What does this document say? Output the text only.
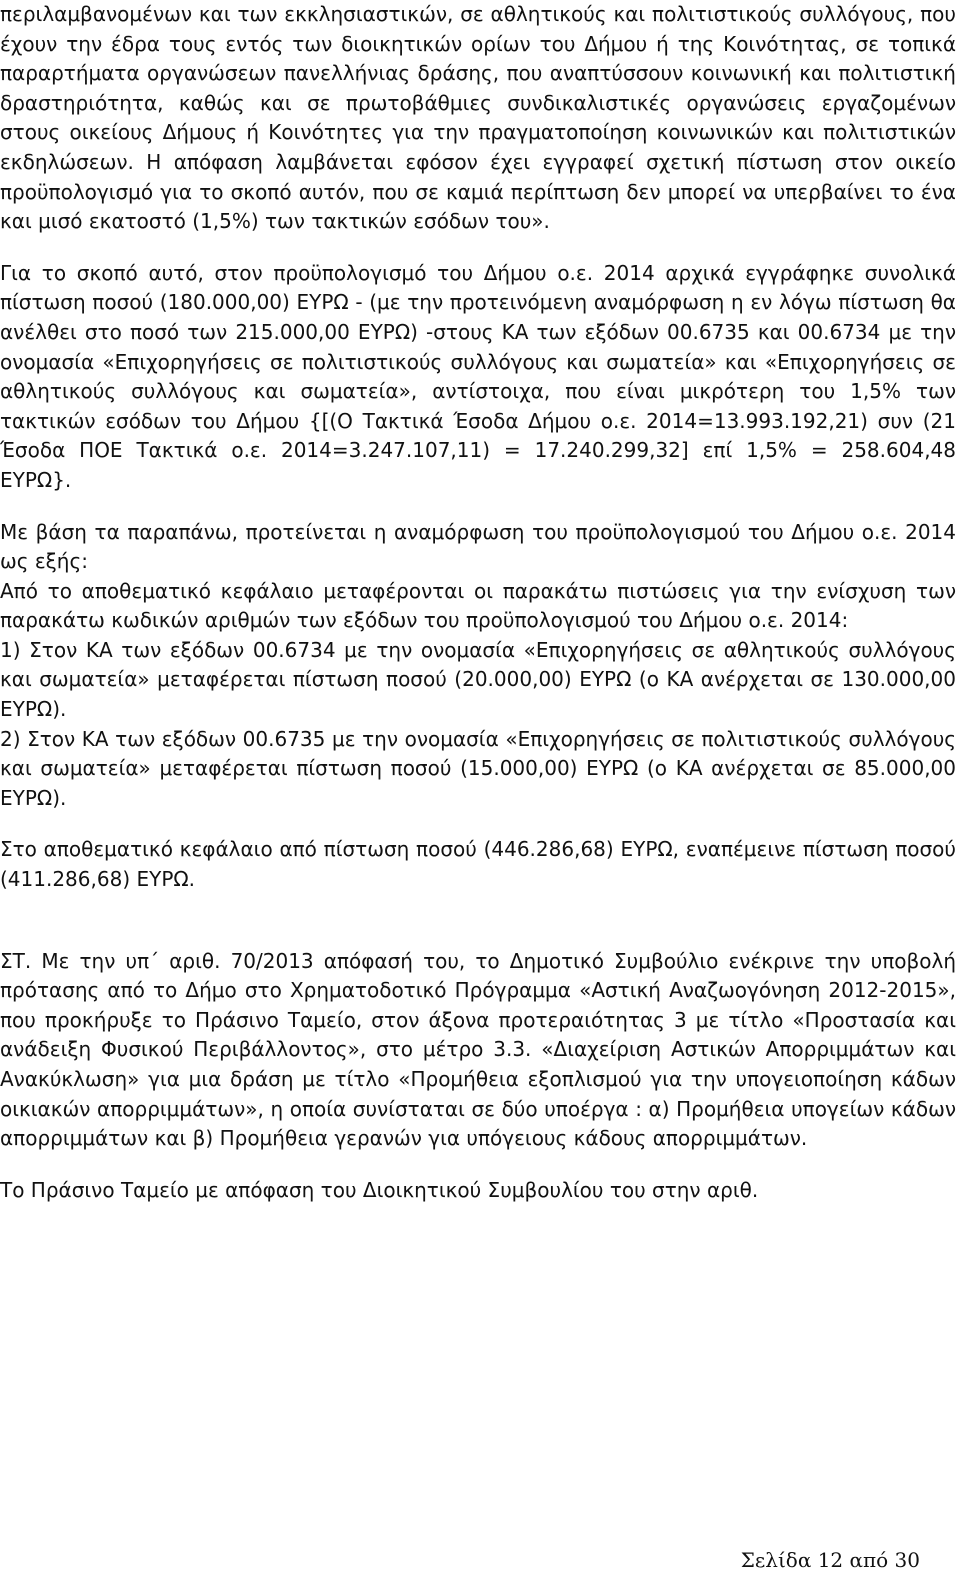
περιλαμβανομένων και των εκκλησιαστικών, σε αθλητικούς και πολιτιστικούς συλλόγους, που έχουν την έδρα τους εντός των διοικητικών ορίων του Δήμου ή της Κοινότητας, σε τοπικά παραρτήματα οργανώσεων πανελλήνιας δράσης, που αναπτύσσουν κοινωνική και πολιτιστική δραστηριότητα, καθώς και σε πρωτοβάθμιες συνδικαλιστικές οργανώσεις εργαζομένων στους οικείους Δήμους ή Κοινότητες για την πραγματοποίηση κοινωνικών και πολιτιστικών εκδηλώσεων. Η απόφαση λαμβάνεται εφόσον έχει εγγραφεί σχετική πίστωση στον οικείο προϋπολογισμό για το σκοπό αυτόν, που σε καμιά περίπτωση δεν μπορεί να υπερβαίνει το ένα και μισό εκατοστό (1,5%) των τακτικών εσόδων του».

Για το σκοπό αυτό, στον προϋπολογισμό του Δήμου ο.ε. 2014 αρχικά εγγράφηκε συνολικά πίστωση ποσού (180.000,00) ΕΥΡΩ - (με την προτεινόμενη αναμόρφωση η εν λόγω πίστωση θα ανέλθει στο ποσό των 215.000,00 ΕΥΡΩ) -στους ΚΑ των εξόδων 00.6735 και 00.6734 με την ονομασία «Επιχορηγήσεις σε πολιτιστικούς συλλόγους και σωματεία» και «Επιχορηγήσεις σε αθλητικούς συλλόγους και σωματεία», αντίστοιχα, που είναι μικρότερη του 1,5% των τακτικών εσόδων του Δήμου {[(Ο Τακτικά Έσοδα Δήμου ο.ε. 2014=13.993.192,21) συν (21 Έσοδα ΠΟΕ Τακτικά ο.ε. 2014=3.247.107,11) = 17.240.299,32] επί 1,5% = 258.604,48 ΕΥΡΩ}.

Με βάση τα παραπάνω, προτείνεται η αναμόρφωση του προϋπολογισμού του Δήμου ο.ε. 2014 ως εξής:

Από το αποθεματικό κεφάλαιο μεταφέρονται οι παρακάτω πιστώσεις για την ενίσχυση των παρακάτω κωδικών αριθμών των εξόδων του προϋπολογισμού του Δήμου ο.ε. 2014:

1) Στον ΚΑ των εξόδων 00.6734 με την ονομασία «Επιχορηγήσεις σε αθλητικούς συλλόγους και σωματεία» μεταφέρεται πίστωση ποσού (20.000,00) ΕΥΡΩ (ο ΚΑ ανέρχεται σε 130.000,00 ΕΥΡΩ).

2) Στον ΚΑ των εξόδων 00.6735 με την ονομασία «Επιχορηγήσεις σε πολιτιστικούς συλλόγους και σωματεία» μεταφέρεται πίστωση ποσού (15.000,00) ΕΥΡΩ (ο ΚΑ ανέρχεται σε 85.000,00 ΕΥΡΩ).

Στο αποθεματικό κεφάλαιο από πίστωση ποσού (446.286,68) ΕΥΡΩ, εναπέμεινε πίστωση ποσού (411.286,68) ΕΥΡΩ.

ΣΤ. Με την υπ΄ αριθ. 70/2013 απόφασή του, το Δημοτικό Συμβούλιο ενέκρινε την υποβολή πρότασης από το Δήμο στο Χρηματοδοτικό Πρόγραμμα «Αστική Αναζωογόνηση 2012-2015», που προκήρυξε το Πράσινο Ταμείο, στον άξονα προτεραιότητας 3 με τίτλο «Προστασία και ανάδειξη Φυσικού Περιβάλλοντος», στο μέτρο 3.3. «Διαχείριση Αστικών Απορριμμάτων και Ανακύκλωση» για μια δράση με τίτλο «Προμήθεια εξοπλισμού για την υπογειοποίηση κάδων οικιακών απορριμμάτων», η οποία συνίσταται σε δύο υποέργα : α) Προμήθεια υπογείων κάδων απορριμμάτων και β) Προμήθεια γερανών για υπόγειους κάδους απορριμμάτων.

Το Πράσινο Ταμείο με απόφαση του Διοικητικού Συμβουλίου του στην αριθ.

Σελίδα 12 από 30
